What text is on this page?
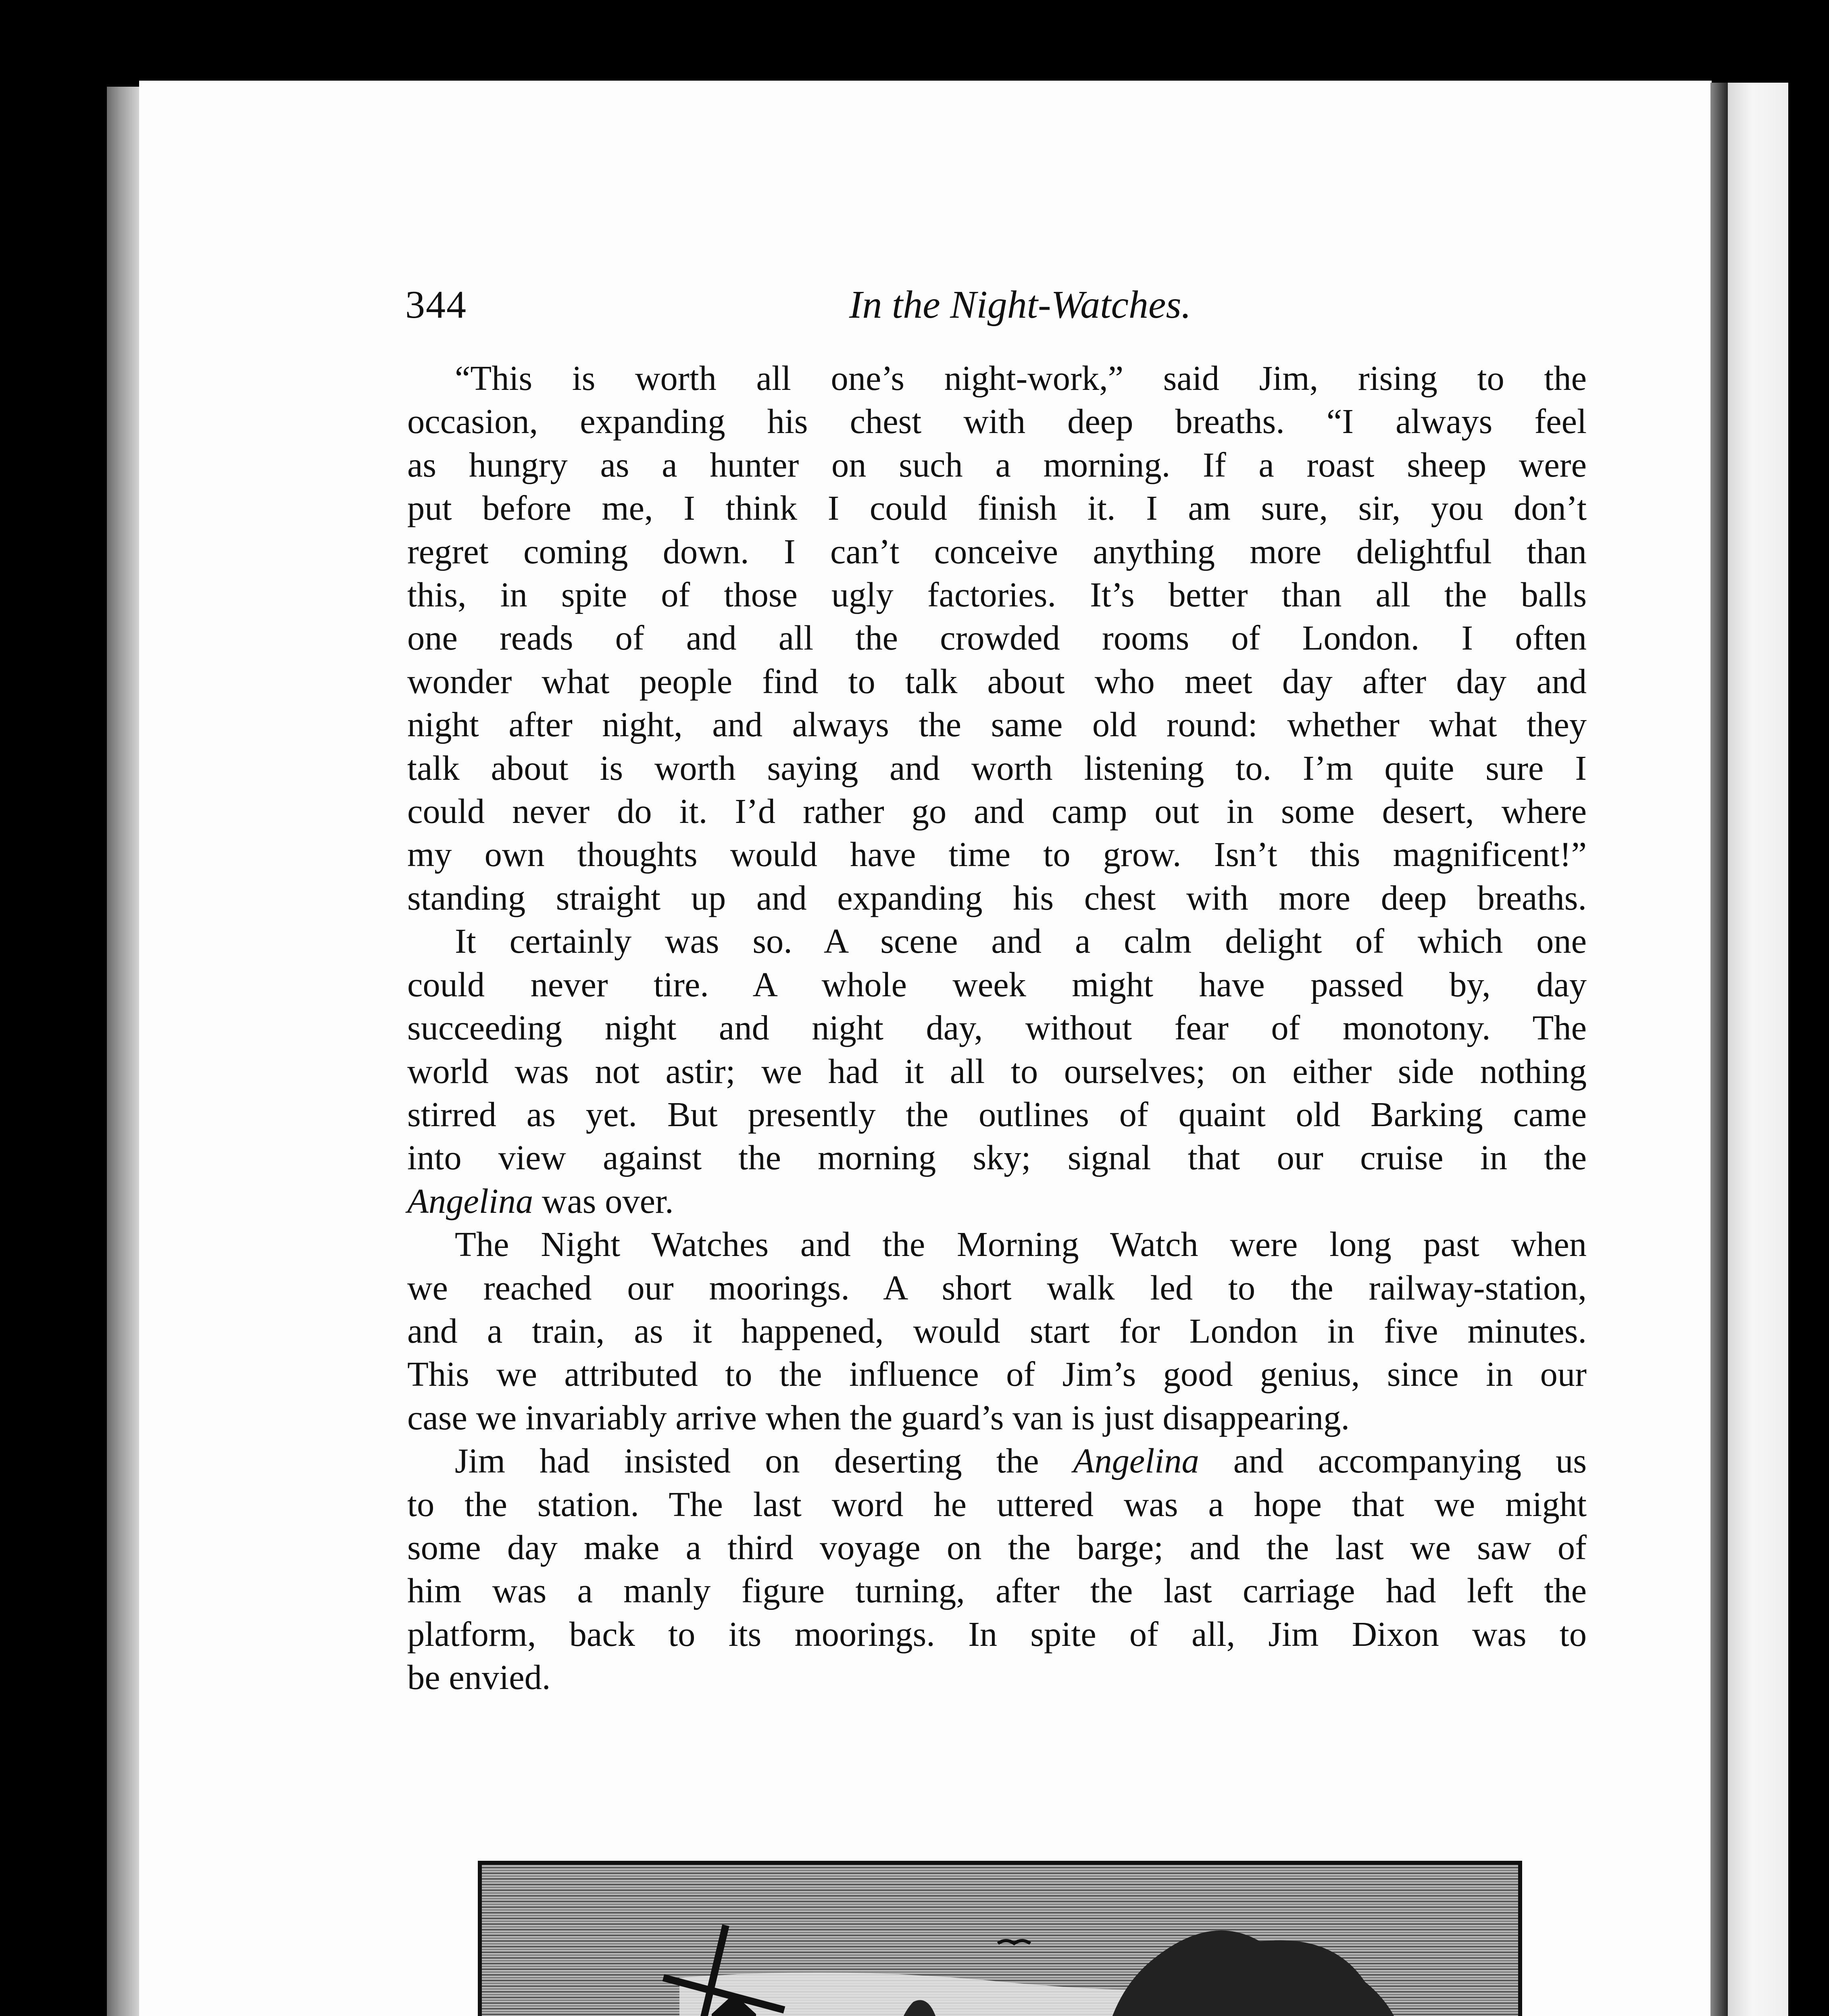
344	In the Night-Watches.
“This is worth all one’s night-work,” said Jim, rising to the
occasion, expanding his chest with deep breaths. “I always feel
as hungry as a hunter on such a morning. If a roast sheep were
put before me, I think I could finish it. I am sure, sir, you don’t
regret coming down. I can’t conceive anything more delightful than
this, in spite of those ugly factories. It’s better than all the balls
one reads of and all the crowded rooms of London. I often
wonder what people find to talk about who meet day after day and
night after night, and always the same old round: whether what they
talk about is worth saying and worth listening to. I’m quite sure I
could never do it. I’d rather go and camp out in some desert, where
my own thoughts would have time to grow. Isn’t this magnificent!”
standing straight up and expanding his chest with more deep breaths.
It certainly was so. A scene and a calm delight of which one
could never tire. A whole week might have passed by, day
succeeding night and night day, without fear of monotony. The
world was not astir; we had it all to ourselves; on either side nothing
stirred as yet. But presently the outlines of quaint old Barking came
into view against the morning sky; signal that our cruise in the
Angelina was over.
The Night Watches and the Morning Watch were long past when
we reached our moorings. A short walk led to the railway-station,
and a train, as it happened, would start for London in five minutes.
This we attributed to the influence of Jim’s good genius, since in our
case we invariably arrive when the guard’s van is just disappearing.
Jim had insisted on deserting the Angelina and accompanying us
to the station. The last word he uttered was a hope that we might
some day make a third voyage on the barge; and the last we saw of
him was a manly figure turning, after the last carriage had left the
platform, back to its moorings. In spite of all, Jim Dixon was to
be envied.
